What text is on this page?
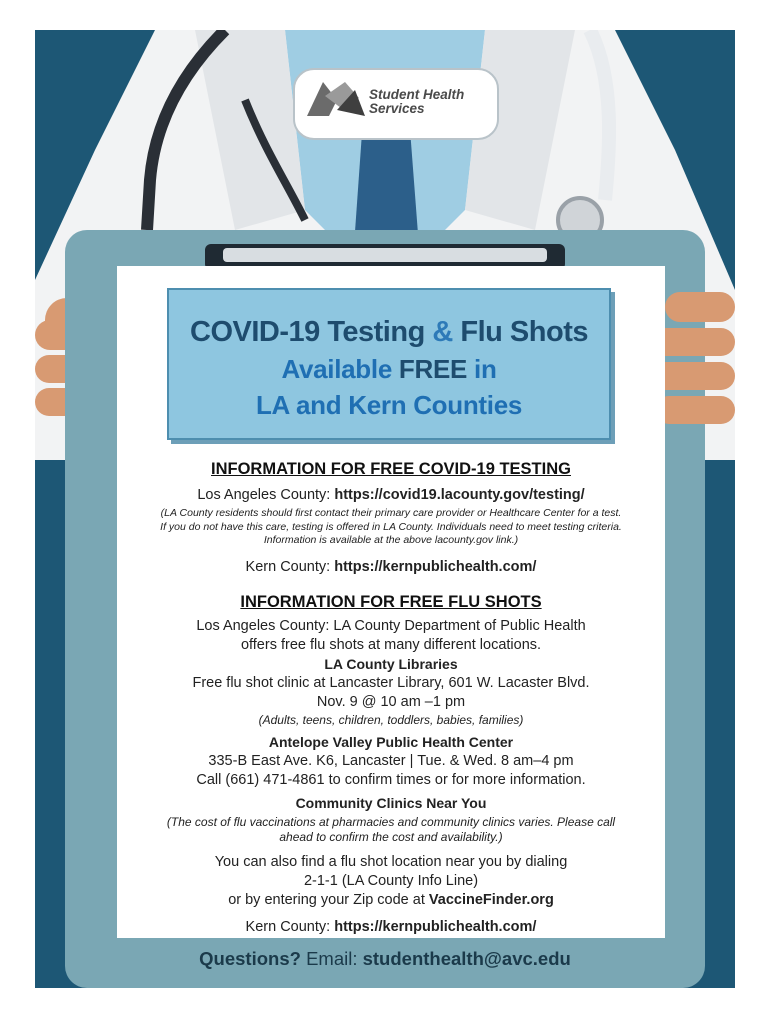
Student Health
Services
COVID-19 Testing & Flu Shots
Available FREE in
LA and Kern Counties

INFORMATION FOR FREE COVID-19 TESTING

Los Angeles County: https://covid19.lacounty.gov/testing/

(LA County residents should first contact their primary care provider or Healthcare Center for a test. If you do not have this care, testing is offered in LA County. Individuals need to meet testing criteria. Information is available at the above lacounty.gov link.)

Kern County: https://kernpublichealth.com/

INFORMATION FOR FREE FLU SHOTS

Los Angeles County: LA County Department of Public Health

offers free flu shots at many different locations.

LA County Libraries

Free flu shot clinic at Lancaster Library, 601 W. Lacaster Blvd.

Nov. 9 @ 10 am –1 pm

(Adults, teens, children, toddlers, babies, families)

Antelope Valley Public Health Center

335-B East Ave. K6, Lancaster | Tue. & Wed. 8 am–4 pm

Call (661) 471-4861 to confirm times or for more information.

Community Clinics Near You

(The cost of flu vaccinations at pharmacies and community clinics varies. Please call ahead to confirm the cost and availability.)

You can also find a flu shot location near you by dialing

2-1-1 (LA County Info Line)

or by entering your Zip code at VaccineFinder.org

Kern County: https://kernpublichealth.com/

Questions? Email: studenthealth@avc.edu
